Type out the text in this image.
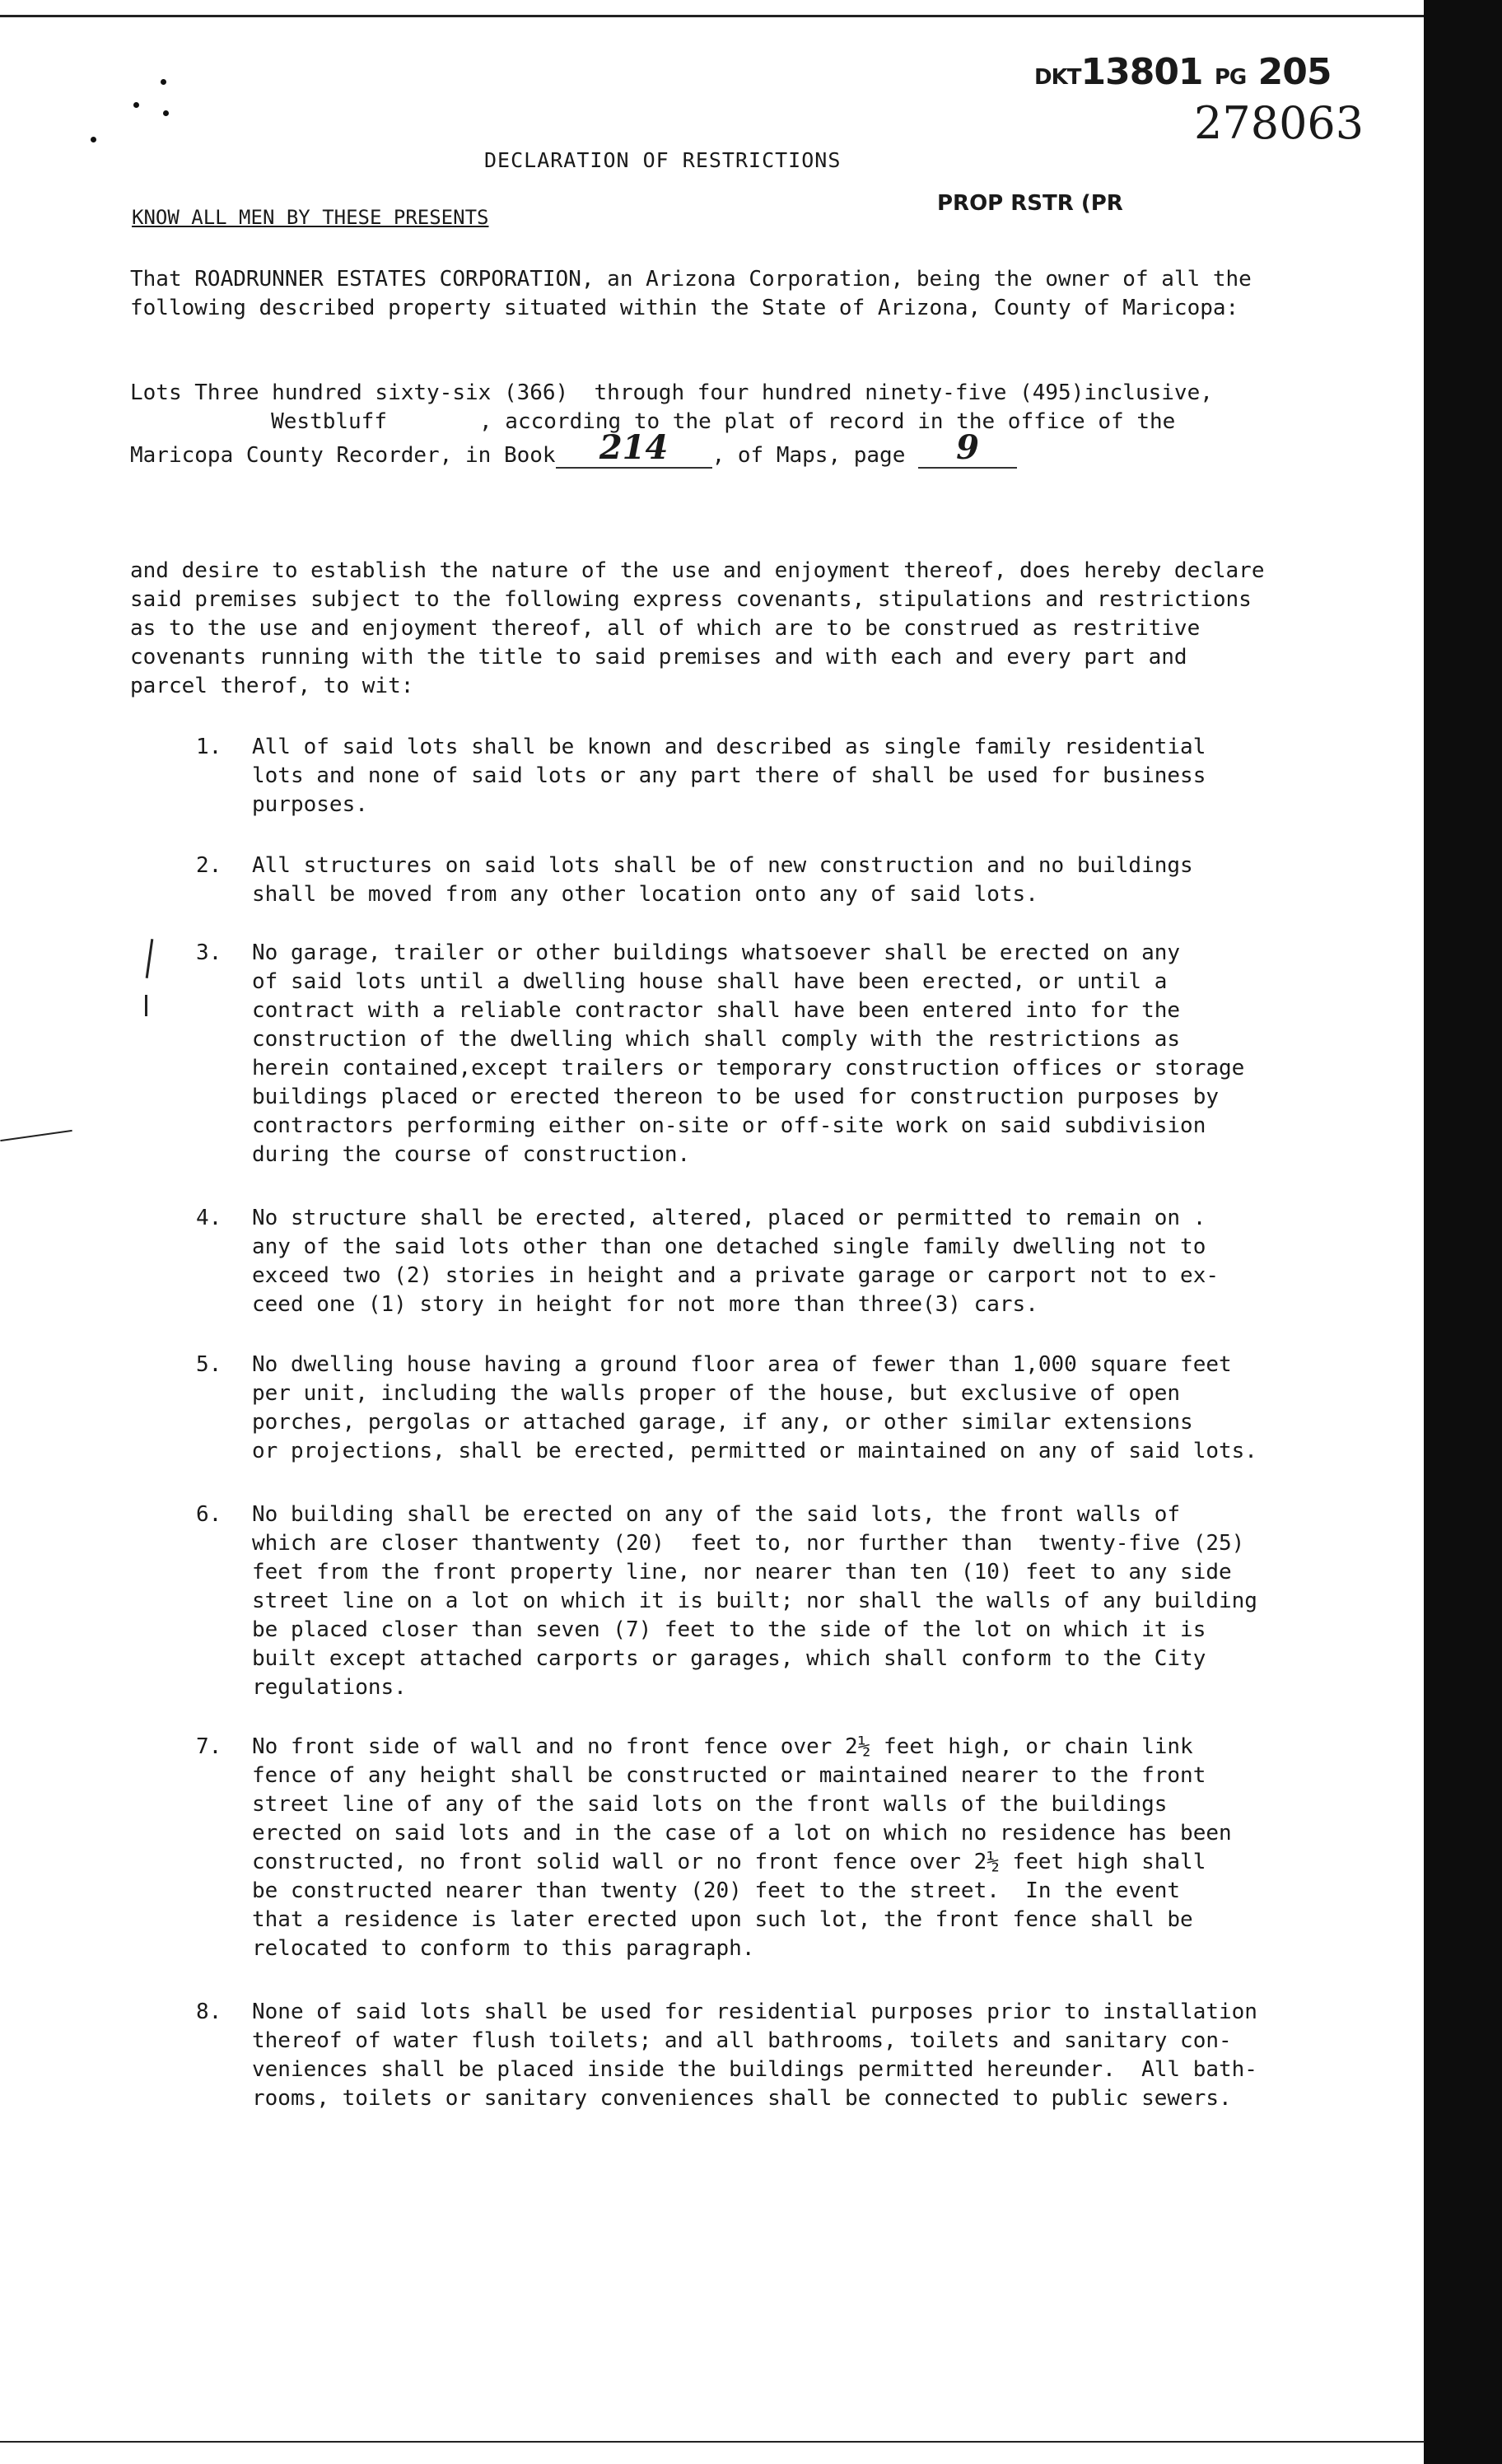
DKT13801 PG 205
278063
DECLARATION OF RESTRICTIONS
KNOW ALL MEN BY THESE PRESENTS
PROP RSTR (PR
That ROADRUNNER ESTATES CORPORATION, an Arizona Corporation, being the owner of all the
following described property situated within the State of Arizona, County of Maricopa:
Lots Three hundred sixty-six (366)  through four hundred ninety-five (495)inclusive,
Westbluff	, according to the plat of record in the office of the
Maricopa County Recorder, in Book 214 , of Maps, page 9
and desire to establish the nature of the use and enjoyment thereof, does hereby declare
said premises subject to the following express covenants, stipulations and restrictions
as to the use and enjoyment thereof, all of which are to be construed as restritive
covenants running with the title to said premises and with each and every part and
parcel therof, to wit:
1. All of said lots shall be known and described as single family residential
lots and none of said lots or any part there of shall be used for business
purposes.
2. All structures on said lots shall be of new construction and no buildings
shall be moved from any other location onto any of said lots.
3. No garage, trailer or other buildings whatsoever shall be erected on any
of said lots until a dwelling house shall have been erected, or until a
contract with a reliable contractor shall have been entered into for the
construction of the dwelling which shall comply with the restrictions as
herein contained,except trailers or temporary construction offices or storage
buildings placed or erected thereon to be used for construction purposes by
contractors performing either on-site or off-site work on said subdivision
during the course of construction.
4. No structure shall be erected, altered, placed or permitted to remain on .
any of the said lots other than one detached single family dwelling not to
exceed two (2) stories in height and a private garage or carport not to ex-
ceed one (1) story in height for not more than three(3) cars.
5. No dwelling house having a ground floor area of fewer than 1,000 square feet
per unit, including the walls proper of the house, but exclusive of open
porches, pergolas or attached garage, if any, or other similar extensions
or projections, shall be erected, permitted or maintained on any of said lots.
6. No building shall be erected on any of the said lots, the front walls of
which are closer thantwenty (20)  feet to, nor further than  twenty-five (25)
feet from the front property line, nor nearer than ten (10) feet to any side
street line on a lot on which it is built; nor shall the walls of any building
be placed closer than seven (7) feet to the side of the lot on which it is
built except attached carports or garages, which shall conform to the City
regulations.
7. No front side of wall and no front fence over 2½ feet high, or chain link
fence of any height shall be constructed or maintained nearer to the front
street line of any of the said lots on the front walls of the buildings
erected on said lots and in the case of a lot on which no residence has been
constructed, no front solid wall or no front fence over 2½ feet high shall
be constructed nearer than twenty (20) feet to the street.  In the event
that a residence is later erected upon such lot, the front fence shall be
relocated to conform to this paragraph.
8. None of said lots shall be used for residential purposes prior to installation
thereof of water flush toilets; and all bathrooms, toilets and sanitary con-
veniences shall be placed inside the buildings permitted hereunder.  All bath-
rooms, toilets or sanitary conveniences shall be connected to public sewers.
